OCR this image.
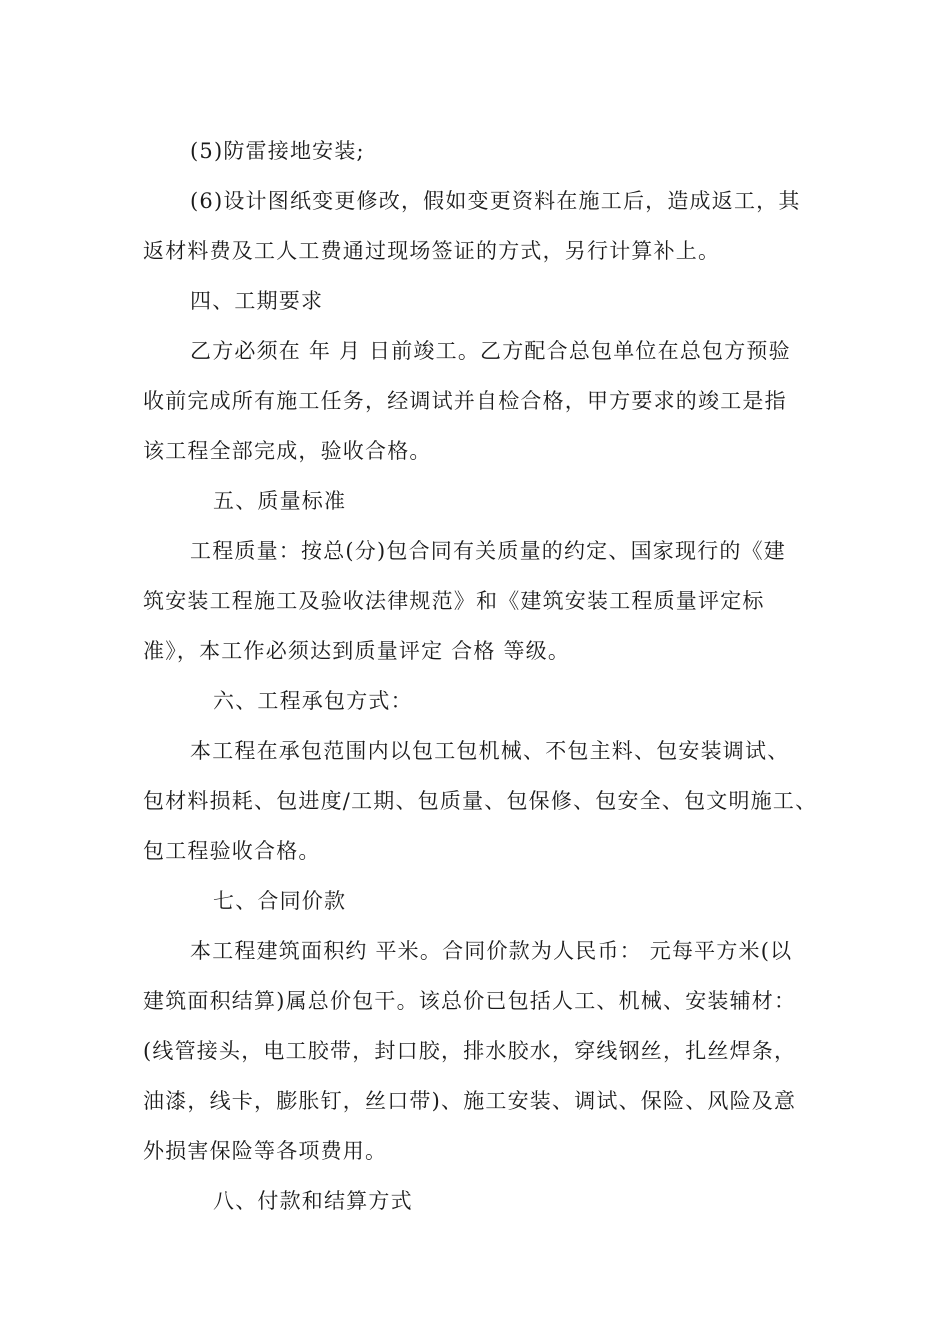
(5)防雷接地安装;
(6)设计图纸变更修改，假如变更资料在施工后，造成返工，其
返材料费及工人工费通过现场签证的方式，另行计算补上。
四、工期要求
乙方必须在 年 月 日前竣工。乙方配合总包单位在总包方预验
收前完成所有施工任务，经调试并自检合格，甲方要求的竣工是指
该工程全部完成，验收合格。
五、质量标准
工程质量：按总(分)包合同有关质量的约定、国家现行的《建
筑安装工程施工及验收法律规范》和《建筑安装工程质量评定标
准》，本工作必须达到质量评定 合格 等级。
六、工程承包方式：
本工程在承包范围内以包工包机械、不包主料、包安装调试、
包材料损耗、包进度/工期、包质量、包保修、包安全、包文明施工、
包工程验收合格。
七、合同价款
本工程建筑面积约 平米。合同价款为人民币： 元每平方米(以
建筑面积结算)属总价包干。该总价已包括人工、机械、安装辅材：
(线管接头，电工胶带，封口胶，排水胶水，穿线钢丝，扎丝焊条，
油漆，线卡，膨胀钉，丝口带)、施工安装、调试、保险、风险及意
外损害保险等各项费用。
八、付款和结算方式
